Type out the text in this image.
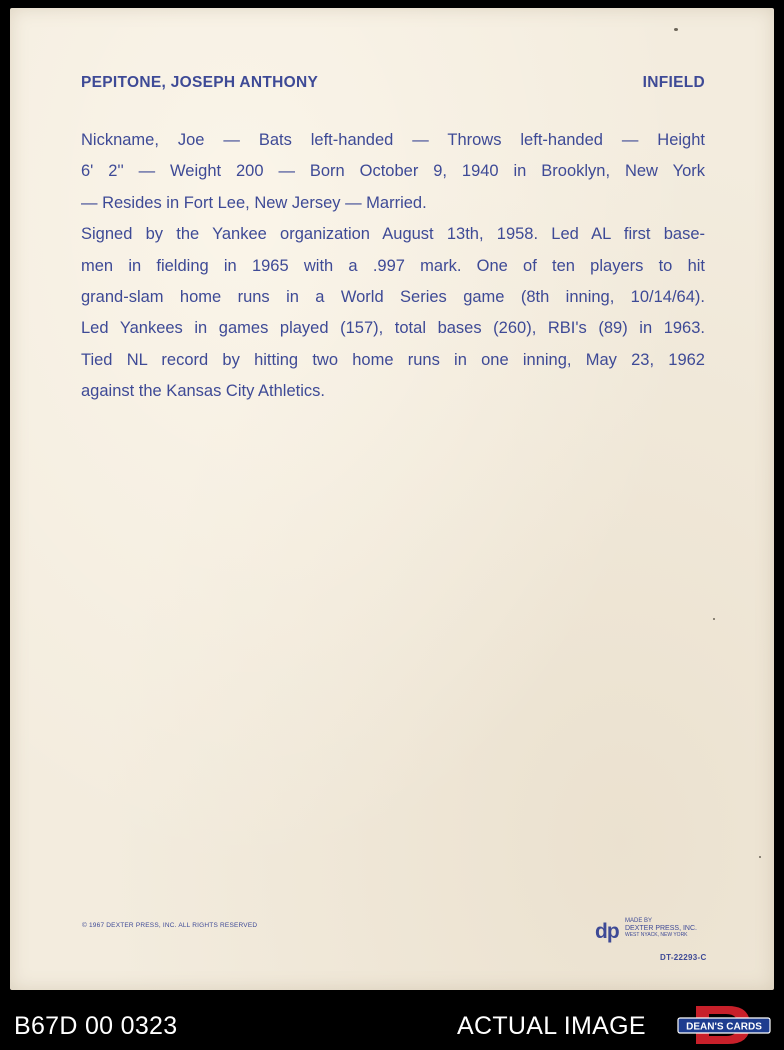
PEPITONE, JOSEPH ANTHONY	INFIELD

Nickname, Joe — Bats left-handed — Throws left-handed — Height
6' 2'' — Weight 200 — Born October 9, 1940 in Brooklyn, New York
— Resides in Fort Lee, New Jersey — Married.
Signed by the Yankee organization August 13th, 1958. Led AL first base-
men in fielding in 1965 with a .997 mark. One of ten players to hit
grand-slam home runs in a World Series game (8th inning, 10/14/64).
Led Yankees in games played (157), total bases (260), RBI's (89) in 1963.
Tied NL record by hitting two home runs in one inning, May 23, 1962
against the Kansas City Athletics.

© 1967 DEXTER PRESS, INC. ALL RIGHTS RESERVED	dp MADE BY
DEXTER PRESS, INC.
WEST NYACK, NEW YORK
DT-22293-C
B67D 00 0323	ACTUAL IMAGE	DEAN'S CARDS
